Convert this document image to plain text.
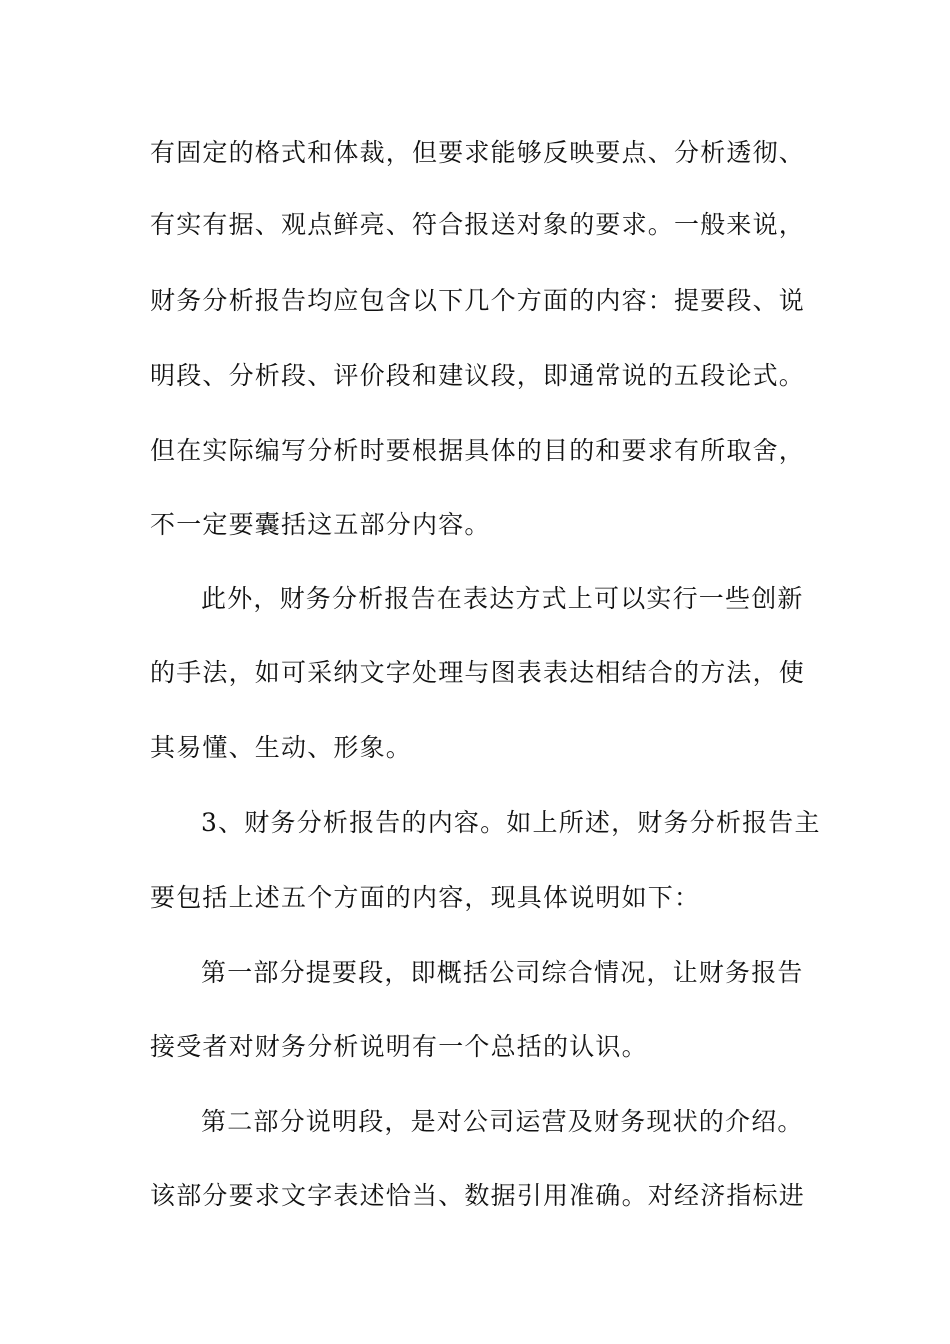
有固定的格式和体裁，但要求能够反映要点、分析透彻、
有实有据、观点鲜亮、符合报送对象的要求。一般来说，
财务分析报告均应包含以下几个方面的内容：提要段、说
明段、分析段、评价段和建议段，即通常说的五段论式。
但在实际编写分析时要根据具体的目的和要求有所取舍，
不一定要囊括这五部分内容。
此外，财务分析报告在表达方式上可以实行一些创新
的手法，如可采纳文字处理与图表表达相结合的方法，使
其易懂、生动、形象。
3、财务分析报告的内容。如上所述，财务分析报告主
要包括上述五个方面的内容，现具体说明如下：
第一部分提要段，即概括公司综合情况，让财务报告
接受者对财务分析说明有一个总括的认识。
第二部分说明段，是对公司运营及财务现状的介绍。
该部分要求文字表述恰当、数据引用准确。对经济指标进
